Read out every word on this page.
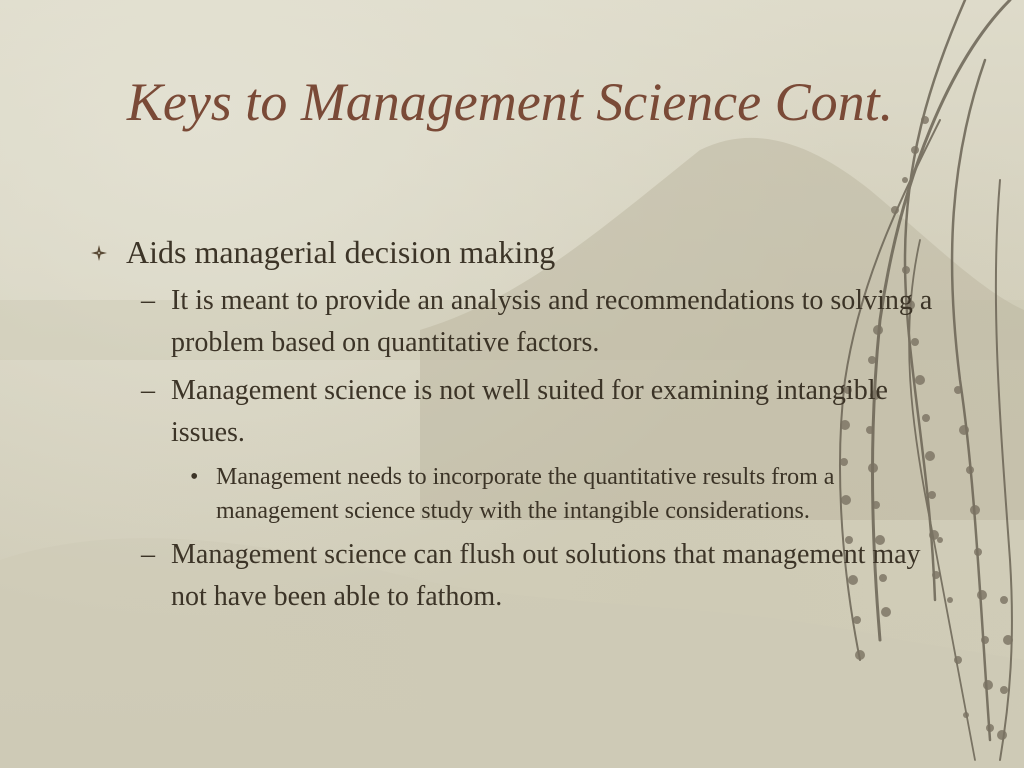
Keys to Management Science Cont.
Aids managerial decision making
– It is meant to provide an analysis and recommendations to solving a problem based on quantitative factors.
– Management science is not well suited for examining intangible issues.
• Management needs to incorporate the quantitative results from a management science study with the intangible considerations.
– Management science can flush out solutions that management may not have been able to fathom.
